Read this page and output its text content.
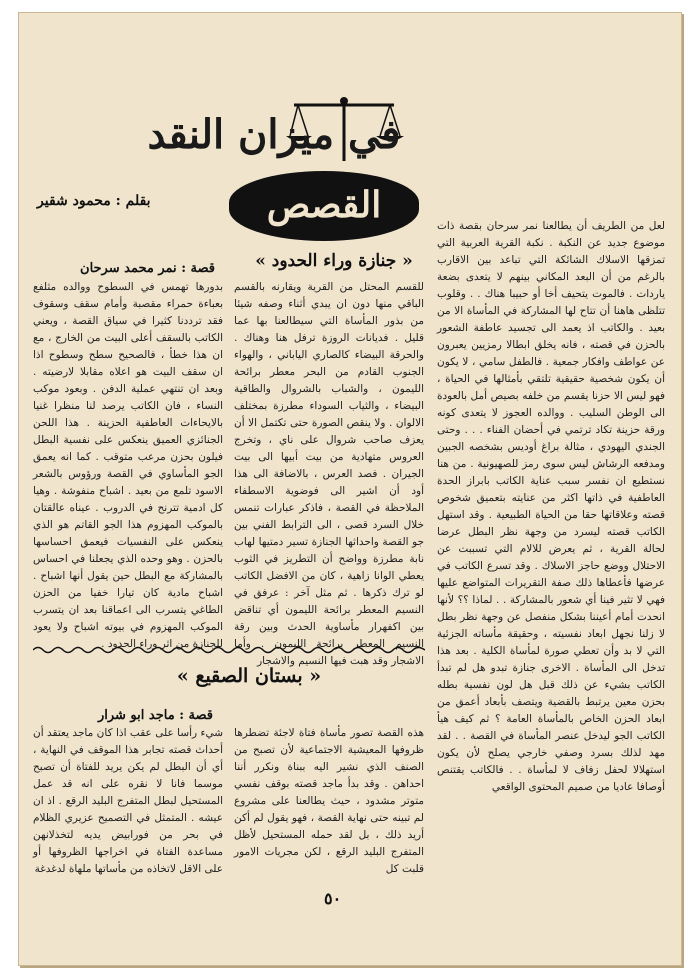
في ميزان النقد
بقلم : محمود شقير	القصص
« جنازة وراء الحدود »
قصة : نمر محمد سرحان

لعل من الطريف أن يطالعنا نمر سرحان بقصة ذات موضوع جديد عن النكبة . نكبة القرية العربية التي تمزقها الاسلاك الشائكة التي تباعد بين الاقارب بالرغم من أن البعد المكاني بينهم لا يتعدى بضعة ياردات . فالموت يتحيف أخا أو حبيبا هناك . . وقلوب تتلظى هاهنا أن تتاح لها المشاركة في المأساة الا من بعيد . والكاتب اذ يعمد الى تجسيد عاطفة الشعور بالحزن في قصته ، فانه يخلق ابطالا رمزيين يعبرون عن عواطف وافكار جمعية . فالطفل سامي ، لا يكون أن يكون شخصية حقيقية تلتقي بأمثالها في الحياة ، فهو ليس الا حزنا يقسم من خلفه بصيص أمل بالعودة الى الوطن السليب . ووالده العجوز لا يتعدى كونه ورقة حزينة تكاد ترتمي في أحضان الفناء . . . وحتى الجندي اليهودي ، مثالة براغ أوديس بشخصه الجبين ومدفعه الرشاش ليس سوى رمز للصهيونية . من هنا نستطيع ان نفسر سبب عناية الكاتب بابراز الحدة العاطفية في ذاتها اكثر من عنايته بتعميق شخوص قصته وعلاقاتها حقا من الحياة الطبيعية . وقد استهل الكاتب قصته ليسرد من وجهة نظر البطل عرضا لحالة القرية ، ثم يعرض للالام التي تسببت عن الاحتلال ووضع حاجز الاسلاك . وقد تسرع الكاتب في عرضها فأعطاها ذلك صفة التقريرات المتواضع عليها فهي لا تثير فينا أي شعور بالمشاركة . . لماذا ؟؟ لأنها انحدت أمام أعيننا بشكل منفصل عن وجهة نظر بطل لا زلنا نجهل ابعاد نفسيته ، وحقيقة مأساته الجزئية التي لا بد وأن تعطي صورة لمأساة الكلية . بعد هذا تدخل الى المأساة . الاخرى جنازة تبدو هل لم تبدأ الكاتب بشيء عن ذلك قبل هل لون نفسية بطله بحزن معين يرتبط بالقضية ويتصف بأبعاد أعمق من ابعاد الحزن الخاص بالمأساة العامة ؟ ثم كيف هيأ الكاتب الجو ليدخل عنصر المأساة في القصة . . لقد مهد لذلك بسرد وصفي خارجي يصلح لأن يكون استهلالا لحفل زفاف لا لمأساة . . فالكاتب يقتنص أوصافا عاديا من صميم المحتوى الواقعي

للقسم المحتل من القرية ويقارنه بالقسم الباقي منها دون ان يبدي أثناء وصفه شيئا من بذور المأساة التي سيطالعنا بها عما قليل . فديانات الروزة ترفل هنا وهناك . والحرقة البيضاء كالصاري الياباني ، والهواء الجنوب القادم من البحر معطر برائحة الليمون ، والشباب بالشروال والطاقية البيضاء ، والثياب السوداء مطرزة بمختلف الالوان . ولا ينقص الصورة حتى تكتمل الا أن يعزف صاحب شروال على ناي ، وتخرج العروس متهادية من بيت أبيها الى بيت الجيران . فصد العرس ، بالاضافة الى هذا أود أن اشير الى فوضوية الاسطفاء الملاحظة في القصة ، فاذكر عبارات تنمس خلال السرد قصى ، الى الترابط الفني بين جو القصة واحداثها الجنازة تسير دمتيها لهاب نابة مطرزة وواضح أن التطريز في الثوب يعطي الوانا زاهية ، كان من الافضل الكاتب لو ترك ذكرها . ثم مثل آخر : عرفق في النسيم المعطر برائحة الليمون أي تناقض بين اكفهرار مأساوية الحدث وبين رقة النسيم المعطر برائحة الليمون . وأما الاشجار وقد هبت فيها النسيم والاشجار

بدورها تهمس في السطوح ووالده مثلفع بعباءة حمراء مقصبة وأمام سقف وسقوف فقد ترددنا كثيرا في سياق القصة ، ويعني الكاتب بالسقف أعلى البيت من الخارج ، مع ان هذا خطأ ، فالصحيح سطح وسطوح اذا ان سقف البيت هو اعلاه مقابلا لارضيته . وبعد ان تنتهي عملية الدفن . وبعود موكب النساء ، فان الكاتب يرصد لنا منظرا غنيا بالايحاءات العاطفية الحزينة . هذا اللحن الجنائزي العميق ينعكس على نفسية البطل فيلون بحزن مرعب متوقب . كما انه يعمق الجو المأساوي في القصة ورؤوس بالشعر الاسود تلمع من بعيد . اشباح منفوشة . وهيا كل ادمية تترنح في الدروب . عيناه عالقتان بالموكب المهزوم هذا الجو القاتم هو الذي ينعكس على النفسيات فيعمق احساسها بالحزن . وهو وحده الذي يجعلنا في احساس بالمشاركة مع البطل حين يقول أنها اشباح . اشباح مادية كان تيارا خفيا من الحزن الطاغي يتسرب الى اعماقنا بعد ان يتسرب الموكب المهزوم في بيوته اشباح ولا يعود للجنازة من اثر وراء الحدود .

« بستان الصقيع »
قصة : ماجد ابو شرار

هذه القصة تصور مأساة فتاة لاجئة تضطرها ظروفها المعيشية الاجتماعية لأن تصبح من الصنف الذي نشير اليه ببناة ونكرر أننا احداهن . وقد بدأ ماجد قصته بوقف نفسي متوتر مشدود ، حيث يطالعنا على مشروع لم تبينه حتى نهاية القصة ، فهو يقول لم أكن أريد ذلك ، بل لقد حمله المستحيل لأظل المتفرج البليد الرقع ، لكن مجريات الامور قلبت كل

شيء رأسا على عقب اذا كان ماجد يعتقد أن أحداث قصته تجابر هذا الموقف في النهاية ، أي أن البطل لم يكن يريد للفتاة أن تصبح موسما فانا لا نقره على انه قد عمل المستحيل لبطل المتفرج البليد الرقع . اذ ان عيشه . المتمثل في التصميح عزيري الظلام في بحر من فورابيض يديه لتخذلانهن مساعدة الفتاة في اخراجها الظروفها أو على الاقل لاتخاذه من مأساتها ملهاة لدغدغة

٥٠
